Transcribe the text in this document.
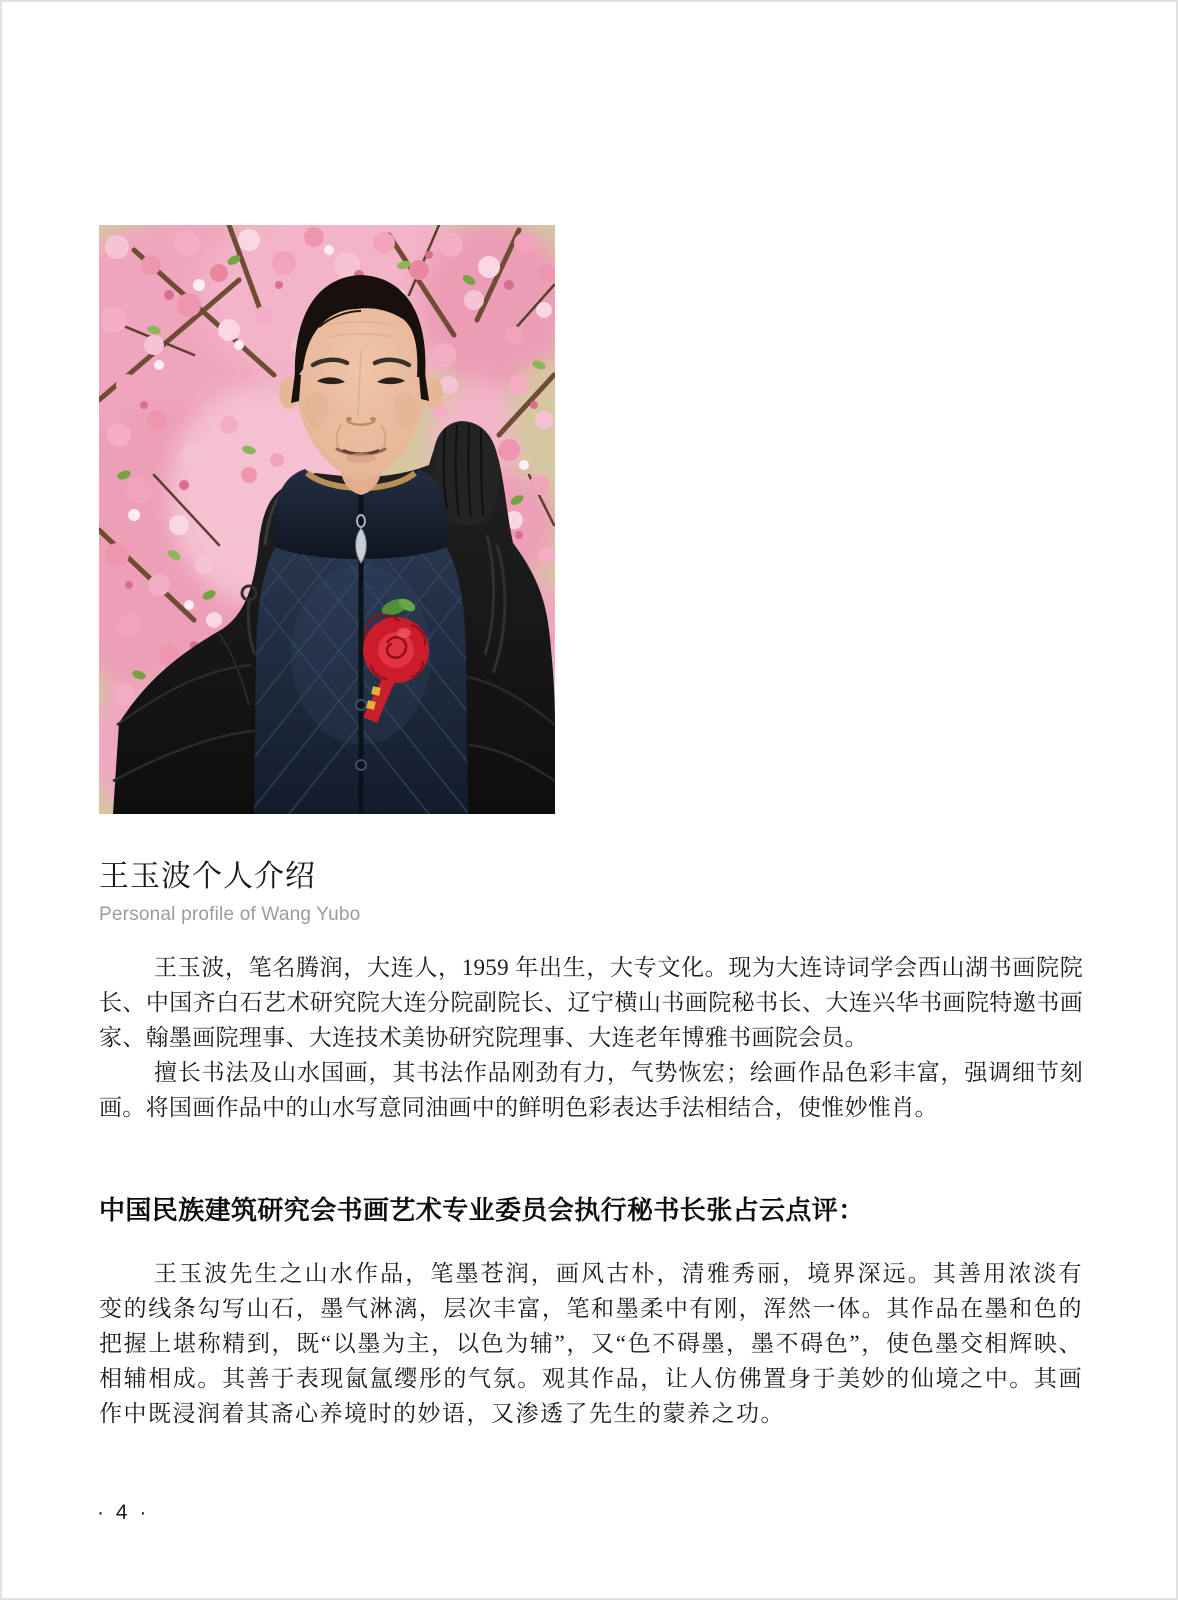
王玉波个人介绍

Personal profile of Wang Yubo

王玉波，笔名腾润，大连人，1959 年出生，大专文化。现为大连诗词学会西山湖书画院院长、中国齐白石艺术研究院大连分院副院长、辽宁横山书画院秘书长、大连兴华书画院特邀书画家、翰墨画院理事、大连技术美协研究院理事、大连老年博雅书画院会员。

擅长书法及山水国画，其书法作品刚劲有力，气势恢宏；绘画作品色彩丰富，强调细节刻画。将国画作品中的山水写意同油画中的鲜明色彩表达手法相结合，使惟妙惟肖。

中国民族建筑研究会书画艺术专业委员会执行秘书长张占云点评：

王玉波先生之山水作品，笔墨苍润，画风古朴，清雅秀丽，境界深远。其善用浓淡有变的线条勾写山石，墨气淋漓，层次丰富，笔和墨柔中有刚，浑然一体。其作品在墨和色的把握上堪称精到，既“以墨为主，以色为辅”，又“色不碍墨，墨不碍色”，使色墨交相辉映、相辅相成。其善于表现氤氲缨彤的气氛。观其作品，让人仿佛置身于美妙的仙境之中。其画作中既浸润着其斋心养境时的妙语，又渗透了先生的蒙养之功。

· 4 ·
